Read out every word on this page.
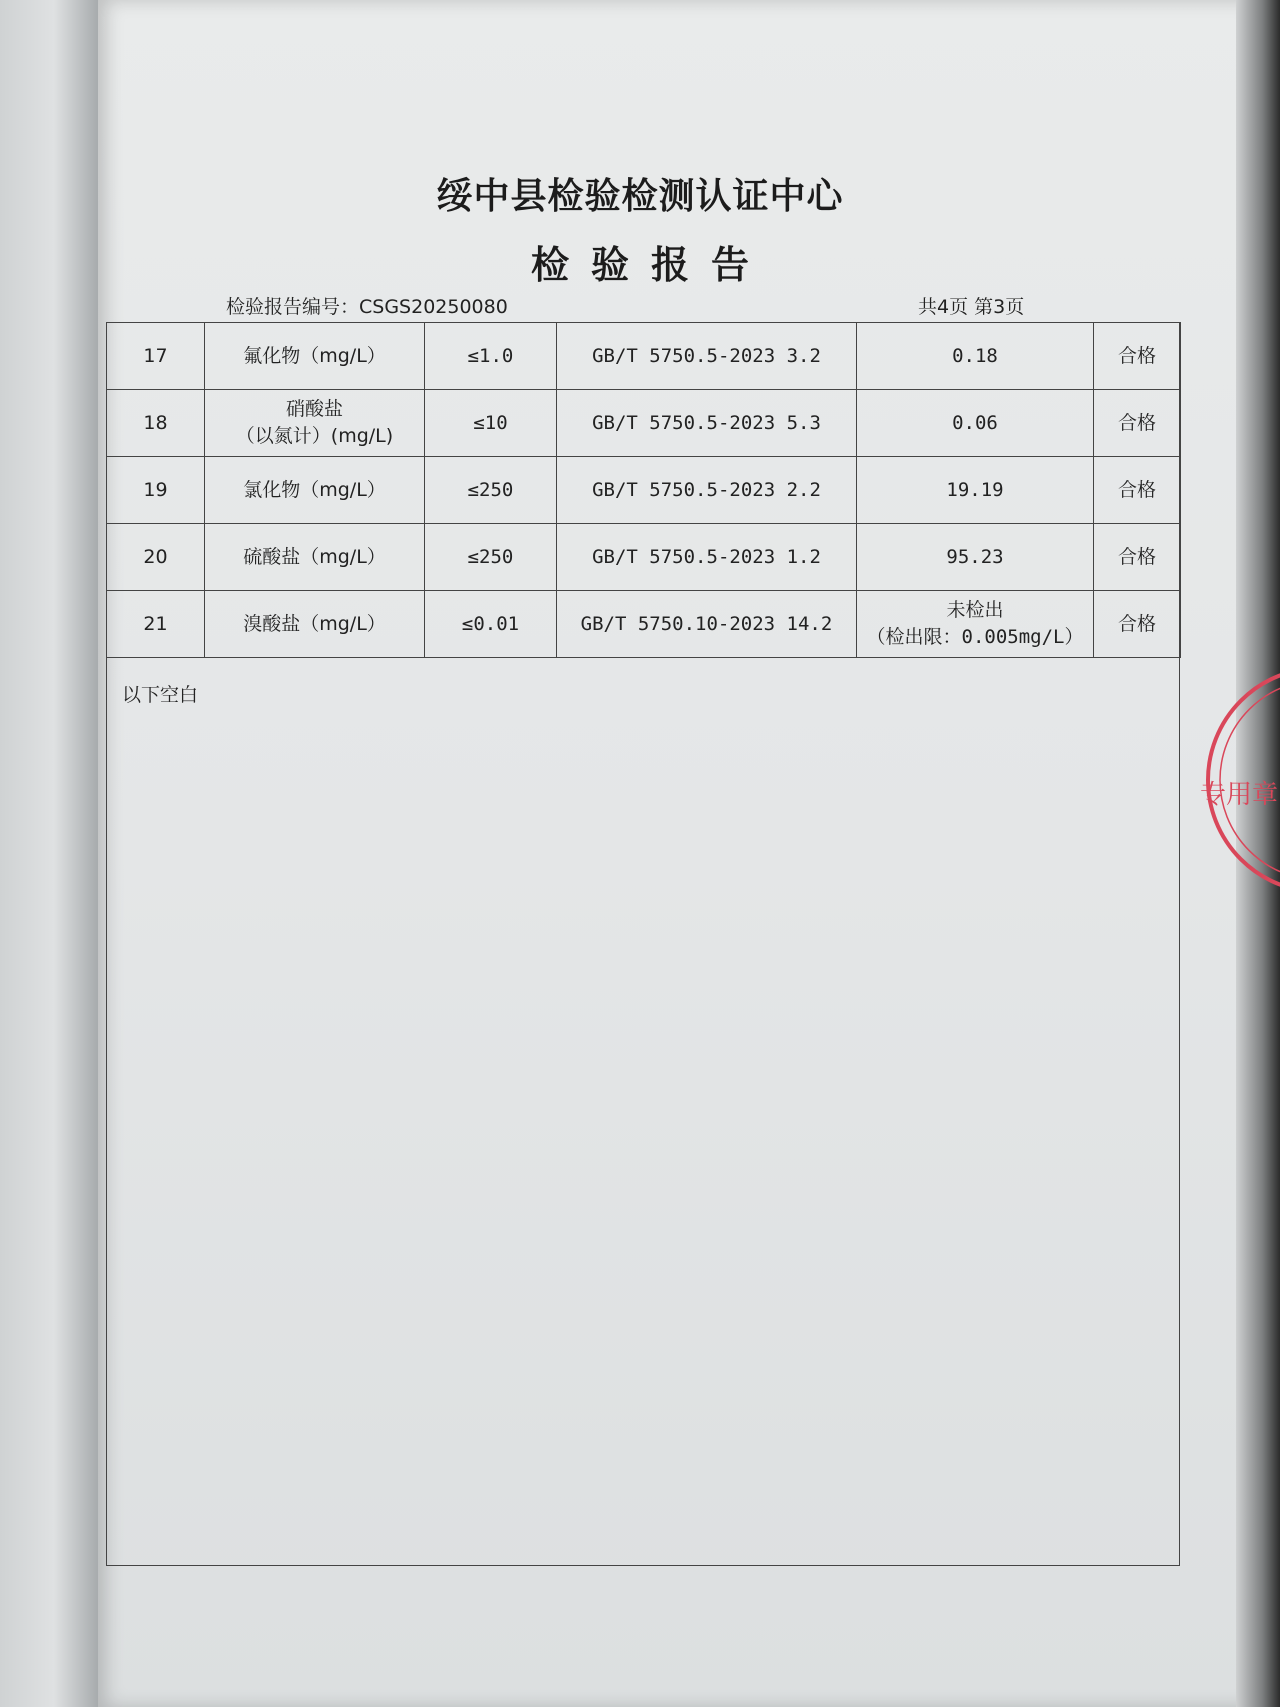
绥中县检验检测认证中心
检验报告
检验报告编号：CSGS20250080	共4页 第3页
17	氟化物（mg/L）	≤1.0	GB/T 5750.5-2023 3.2	0.18	合格

18	硝酸盐
（以氮计）(mg/L)	≤10	GB/T 5750.5-2023 5.3	0.06	合格

19	氯化物（mg/L）	≤250	GB/T 5750.5-2023 2.2	19.19	合格

20	硫酸盐（mg/L）	≤250	GB/T 5750.5-2023 1.2	95.23	合格

21	溴酸盐（mg/L）	≤0.01	GB/T 5750.10-2023 14.2	未检出
（检出限：0.005mg/L）	合格
以下空白
专用章
